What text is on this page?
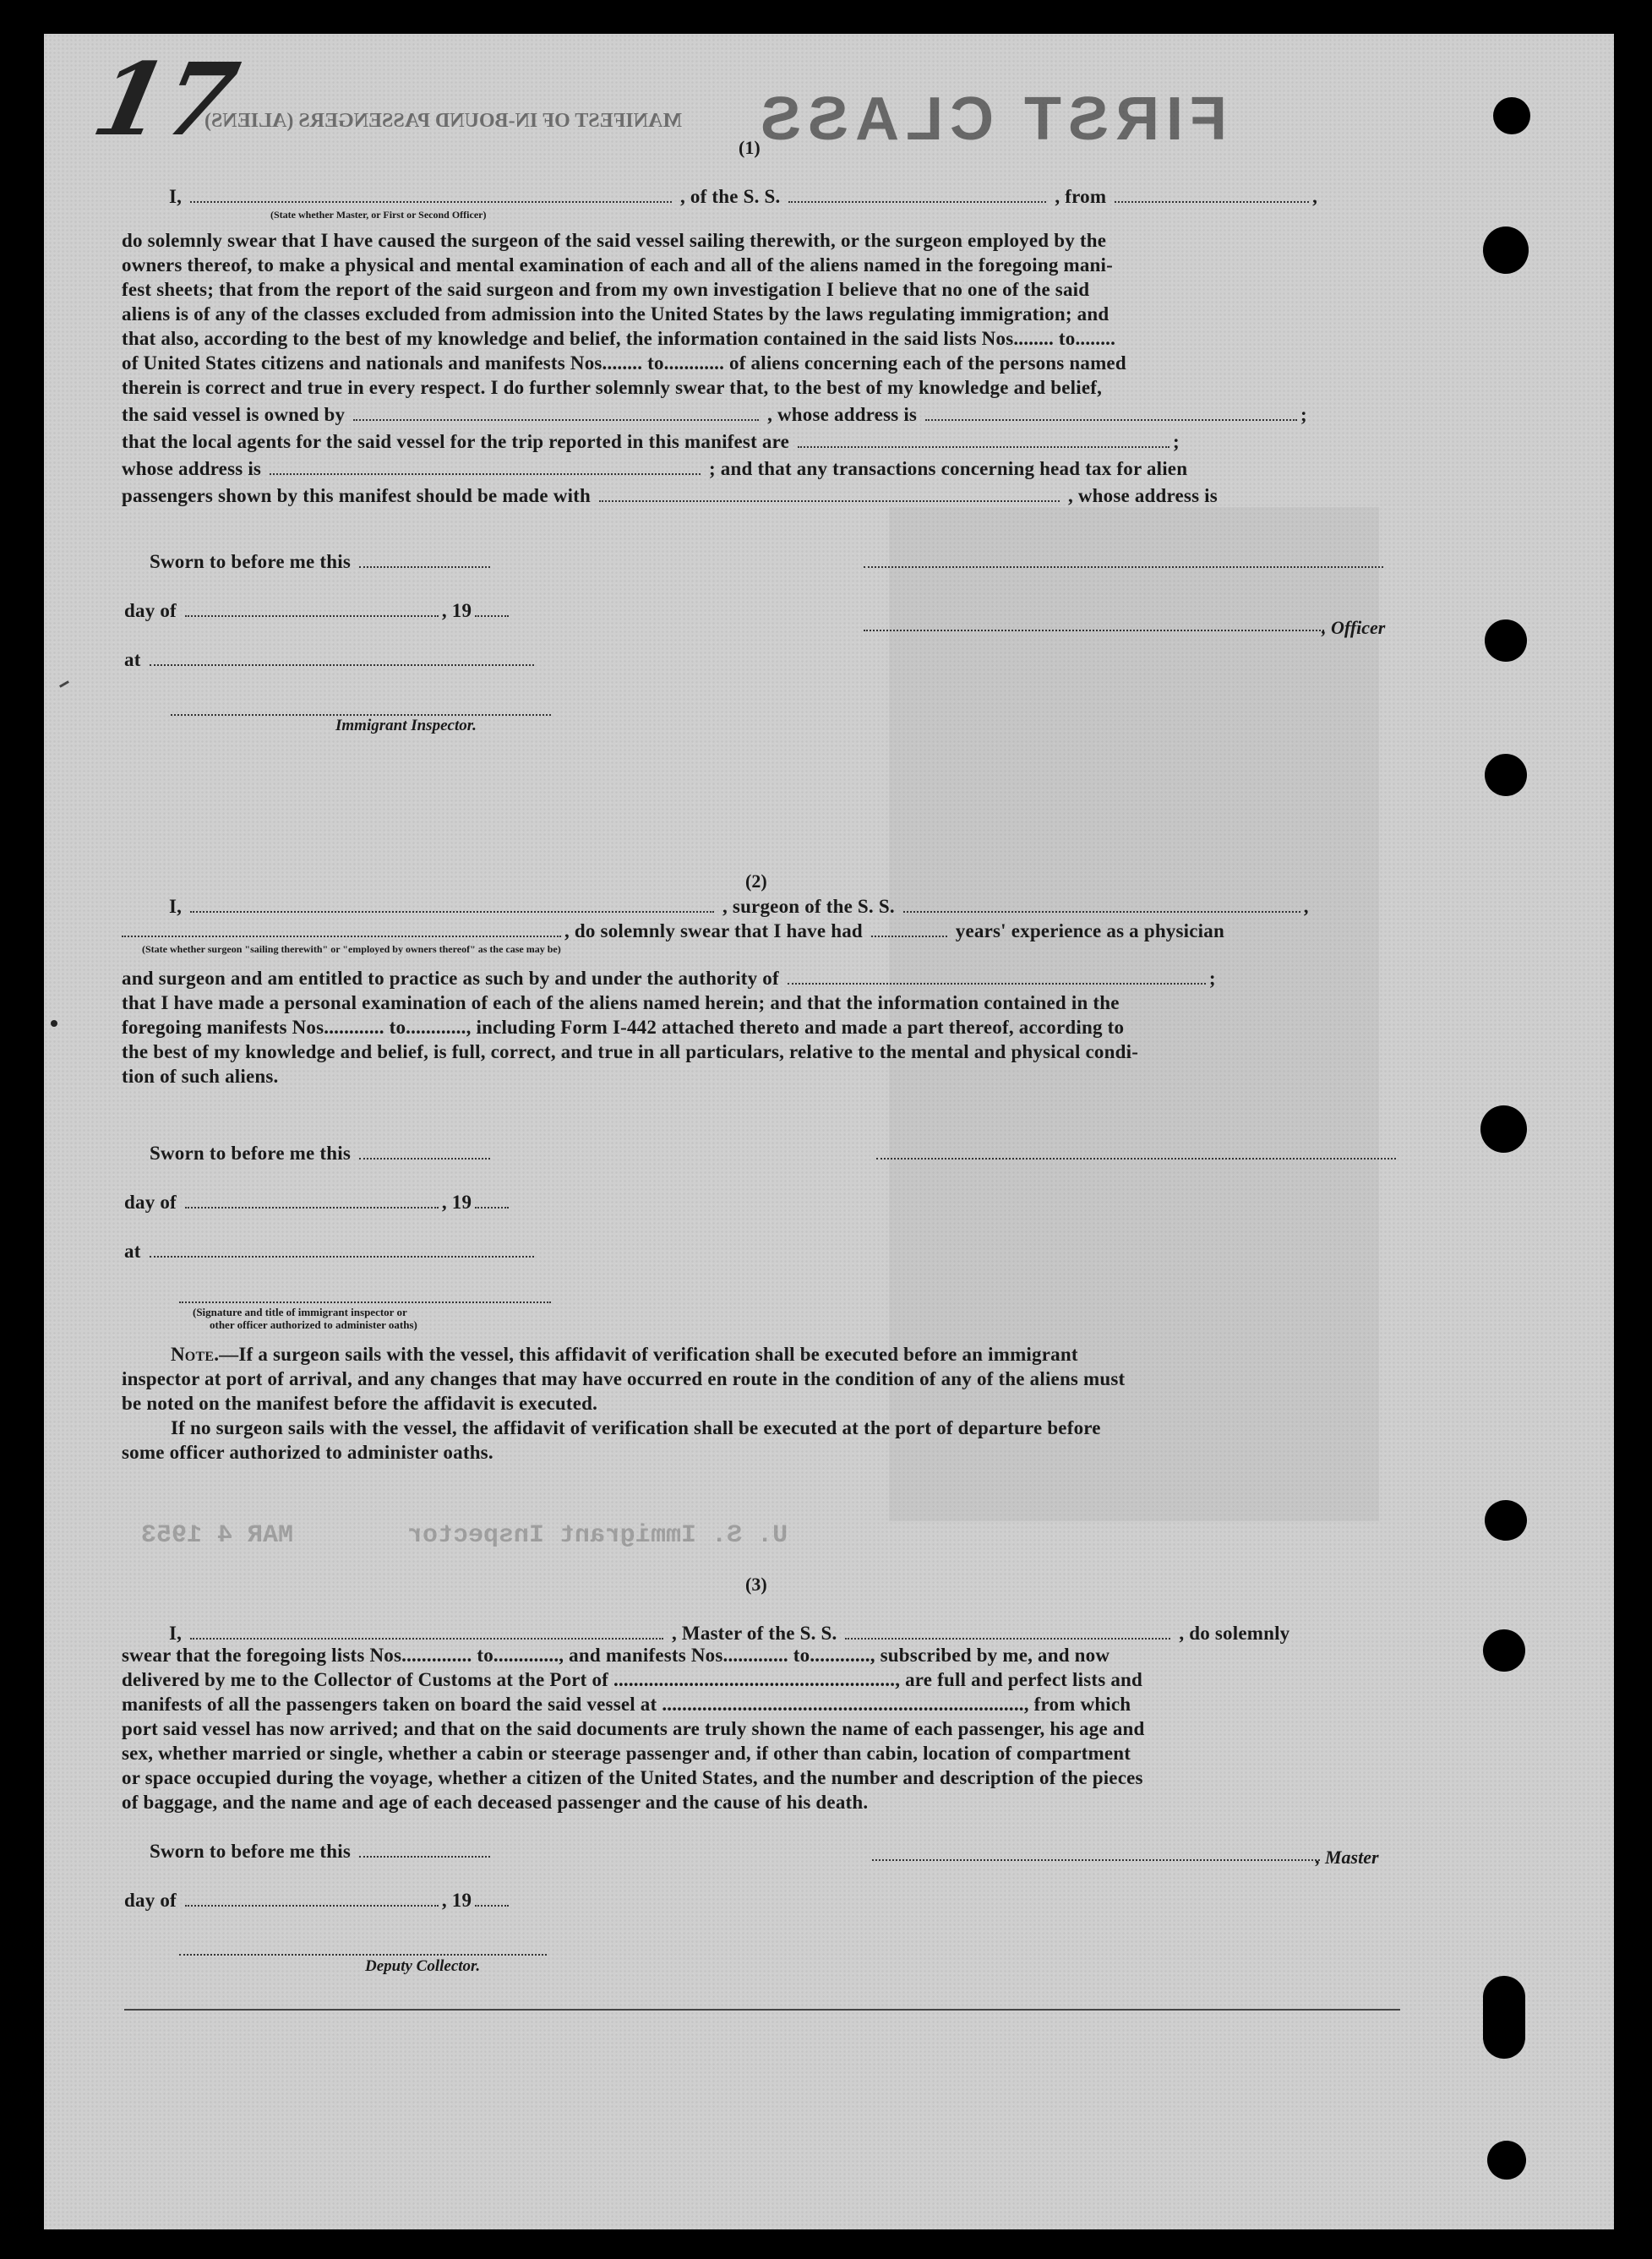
MAR 4 1953	U. S. Immigrant Inspector
17
MANIFEST OF IN-BOUND PASSENGERS (ALIENS) FIRST CLASS
(1)
I,	, of the S. S.	, from	,
(State whether Master, or First or Second Officer)
do solemnly swear that I have caused the surgeon of the said vessel sailing therewith, or the surgeon employed by the
owners thereof, to make a physical and mental examination of each and all of the aliens named in the foregoing mani-
fest sheets; that from the report of the said surgeon and from my own investigation I believe that no one of the said
aliens is of any of the classes excluded from admission into the United States by the laws regulating immigration; and
that also, according to the best of my knowledge and belief, the information contained in the said lists Nos........ to........
of United States citizens and nationals and manifests Nos........ to............ of aliens concerning each of the persons named
therein is correct and true in every respect. I do further solemnly swear that, to the best of my knowledge and belief,
the said vessel is owned by	, whose address is	;
that the local agents for the said vessel for the trip reported in this manifest are	;
whose address is	; and that any transactions concerning head tax for alien
passengers shown by this manifest should be made with	, whose address is
Sworn to before me this
day of	, 19
at
Immigrant Inspector.
, Officer
(2)
I,	, surgeon of the S. S.	,
, do solemnly swear that I have had	years' experience as a physician
(State whether surgeon "sailing therewith" or "employed by owners thereof" as the case may be)
and surgeon and am entitled to practice as such by and under the authority of	;
that I have made a personal examination of each of the aliens named herein; and that the information contained in the
foregoing manifests Nos............ to............, including Form I-442 attached thereto and made a part thereof, according to
the best of my knowledge and belief, is full, correct, and true in all particulars, relative to the mental and physical condi-
tion of such aliens.
Sworn to before me this
day of	, 19
at
(Signature and title of immigrant inspector or
other officer authorized to administer oaths)
Note.—If a surgeon sails with the vessel, this affidavit of verification shall be executed before an immigrant
inspector at port of arrival, and any changes that may have occurred en route in the condition of any of the aliens must
be noted on the manifest before the affidavit is executed.
If no surgeon sails with the vessel, the affidavit of verification shall be executed at the port of departure before
some officer authorized to administer oaths.
(3)
I,	, Master of the S. S.	, do solemnly
swear that the foregoing lists Nos.............. to............., and manifests Nos............. to............, subscribed by me, and now
delivered by me to the Collector of Customs at the Port of ........................................................, are full and perfect lists and
manifests of all the passengers taken on board the said vessel at ........................................................................, from which
port said vessel has now arrived; and that on the said documents are truly shown the name of each passenger, his age and
sex, whether married or single, whether a cabin or steerage passenger and, if other than cabin, location of compartment
or space occupied during the voyage, whether a citizen of the United States, and the number and description of the pieces
of baggage, and the name and age of each deceased passenger and the cause of his death.
Sworn to before me this
day of	, 19
, Master
Deputy Collector.
